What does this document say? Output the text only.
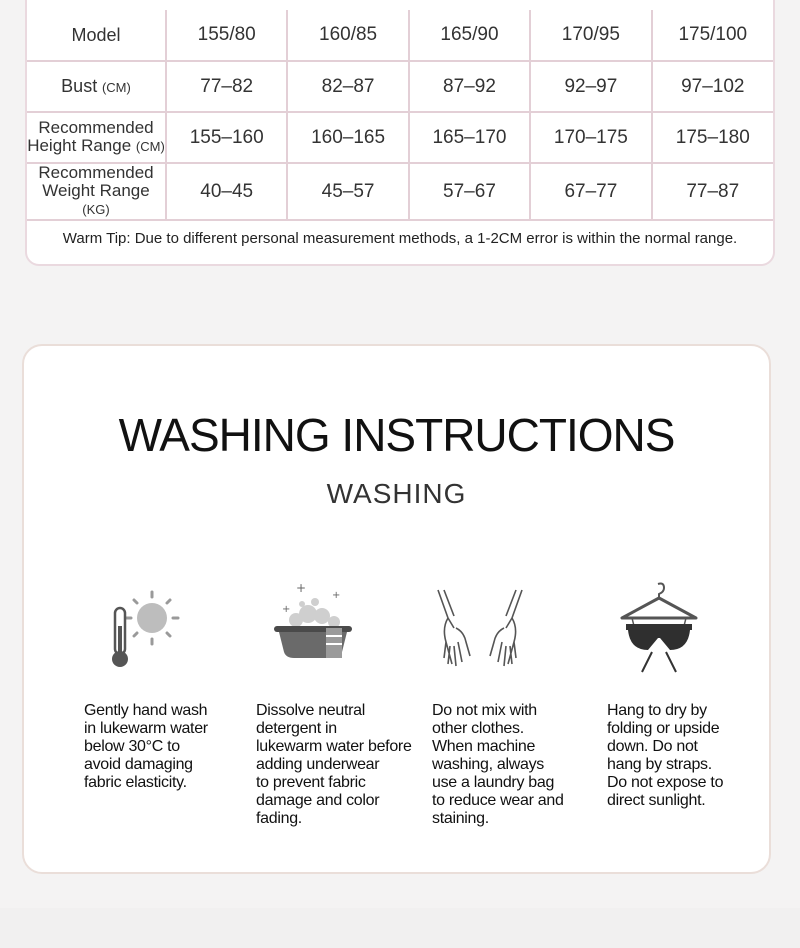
Model	155/80	160/85	165/90	170/95	175/100
Bust (CM)	77–82	82–87	87–92	92–97	97–102

Recommended
Height Range (CM)	155–160	160–165	165–170	170–175	175–180

Recommended
Weight Range (KG)	40–45	45–57	57–67	67–77	77–87
Warm Tip: Due to different personal measurement methods, a 1-2CM error is within the normal range.
WASHING INSTRUCTIONS
WASHING
+
+
+
Gently hand wash
in lukewarm water
below 30°C to
avoid damaging
fabric elasticity.
Dissolve neutral
detergent in
lukewarm water before
adding underwear
to prevent fabric
damage and color
fading.
Do not mix with
other clothes.
When machine
washing, always
use a laundry bag
to reduce wear and
staining.
Hang to dry by
folding or upside
down. Do not
hang by straps.
Do not expose to
direct sunlight.
